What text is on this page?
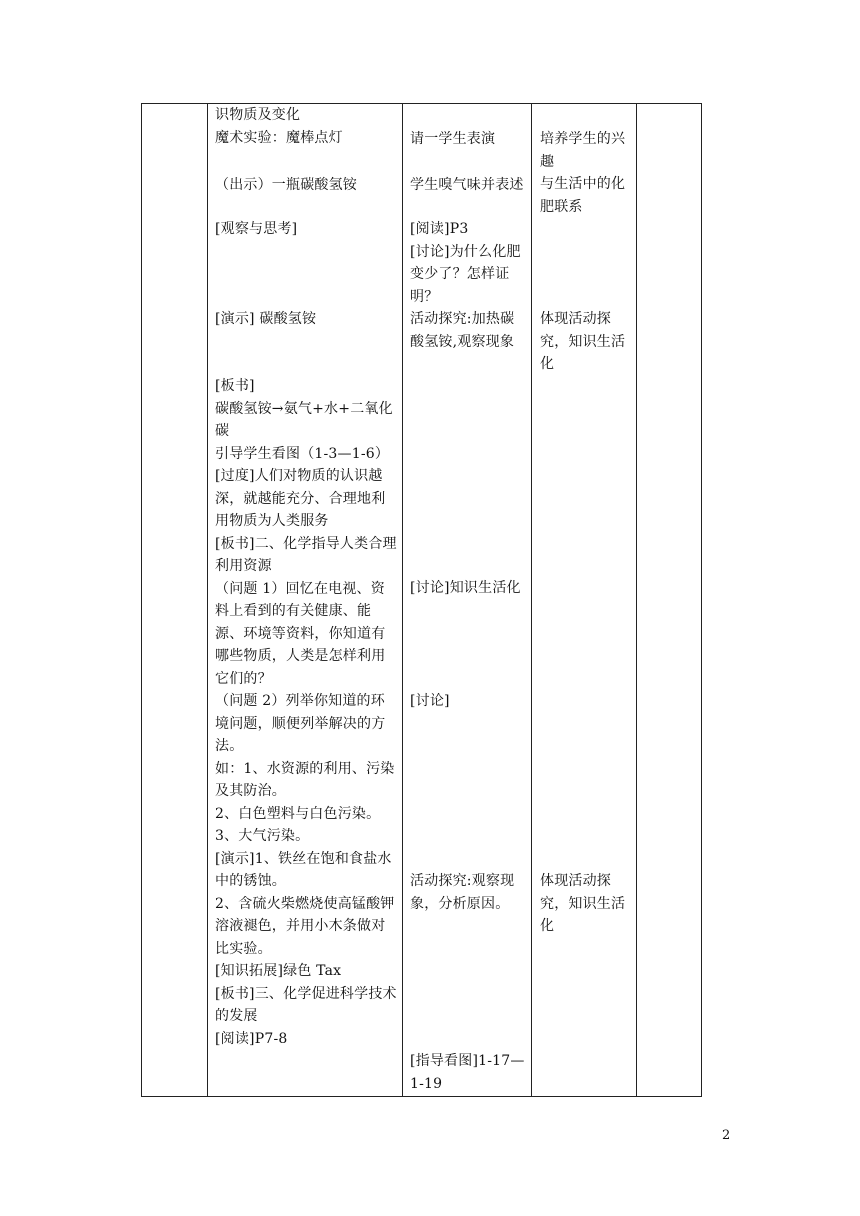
识物质及变化
魔术实验：魔棒点灯
（出示）一瓶碳酸氢铵
[观察与思考]
[演示] 碳酸氢铵
[板书]
碳酸氢铵→氨气+水+二氧化碳
引导学生看图（1-3—1-6）
[过度]人们对物质的认识越深，就越能充分、合理地利用物质为人类服务
[板书]二、化学指导人类合理利用资源
（问题 1）回忆在电视、资料上看到的有关健康、能源、环境等资料，你知道有哪些物质，人类是怎样利用它们的？
（问题 2）列举你知道的环境问题，顺便列举解决的方法。
如：1、水资源的利用、污染及其防治。
2、白色塑料与白色污染。
3、大气污染。
[演示]1、铁丝在饱和食盐水中的锈蚀。
2、含硫火柴燃烧使高锰酸钾溶液褪色，并用小木条做对比实验。
[知识拓展]绿色 Tax
[板书]三、化学促进科学技术的发展
[阅读]P7-8
请一学生表演
学生嗅气味并表述
[阅读]P3
[讨论]为什么化肥变少了？怎样证明？
活动探究:加热碳酸氢铵,观察现象
[讨论]知识生活化
[讨论]
活动探究:观察现象，分析原因。
[指导看图]1-17—1-19
培养学生的兴趣
与生活中的化肥联系
体现活动探究，知识生活化
体现活动探究，知识生活化
2
